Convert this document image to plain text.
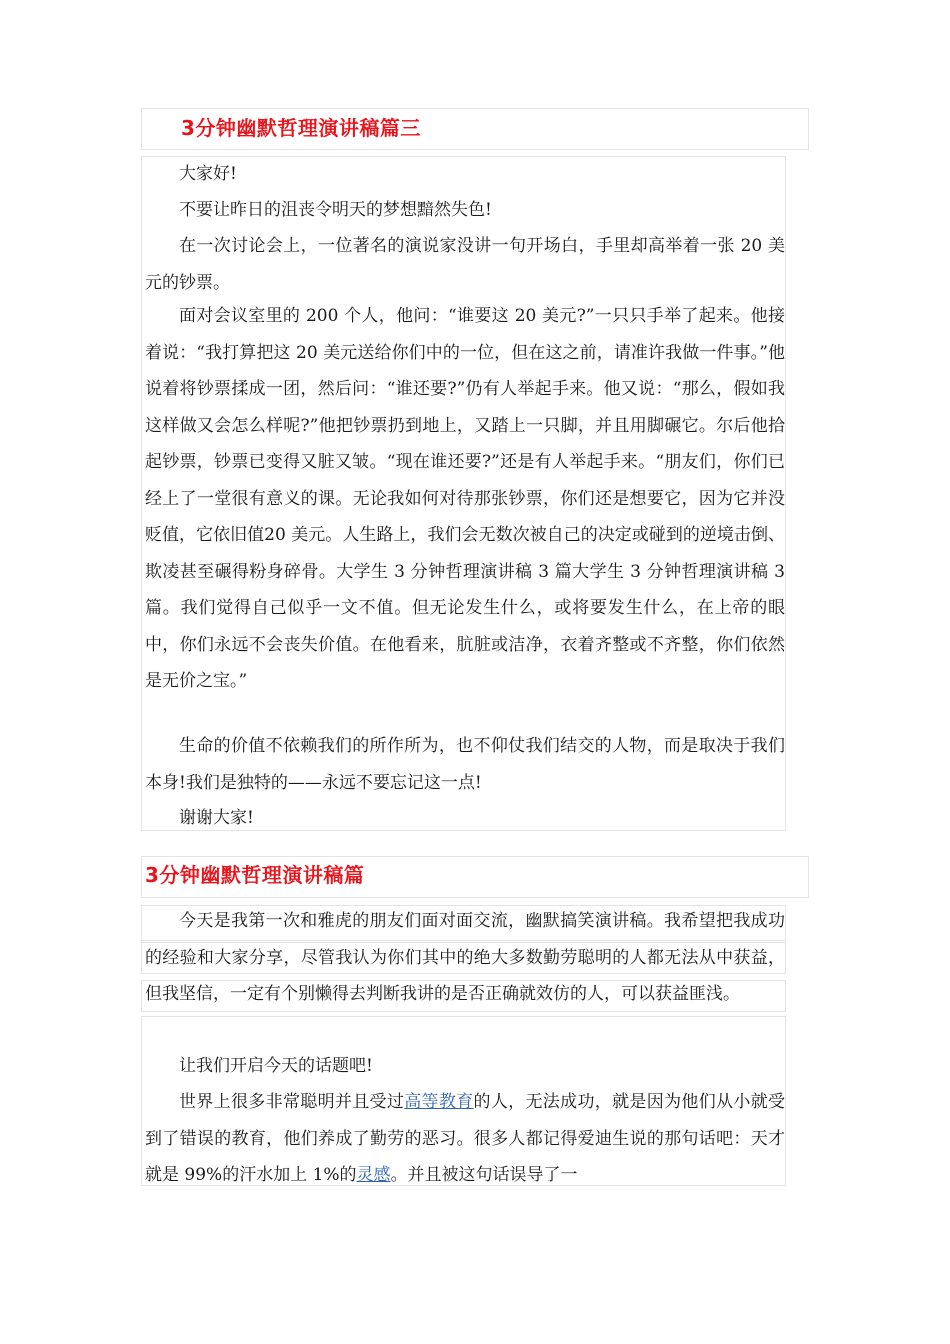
3分钟幽默哲理演讲稿篇三

大家好!

不要让昨日的沮丧令明天的梦想黯然失色!

在一次讨论会上，一位著名的演说家没讲一句开场白，手里却高举着一张 20 美元的钞票。

面对会议室里的 200 个人，他问：“谁要这 20 美元?”一只只手举了起来。他接着说：“我打算把这 20 美元送给你们中的一位，但在这之前，请准许我做一件事。”他说着将钞票揉成一团，然后问：“谁还要?”仍有人举起手来。他又说：“那么，假如我这样做又会怎么样呢?”他把钞票扔到地上，又踏上一只脚，并且用脚碾它。尔后他拾起钞票，钞票已变得又脏又皱。“现在谁还要?”还是有人举起手来。“朋友们，你们已经上了一堂很有意义的课。无论我如何对待那张钞票，你们还是想要它，因为它并没贬值，它依旧值20 美元。人生路上，我们会无数次被自己的决定或碰到的逆境击倒、欺凌甚至碾得粉身碎骨。大学生 3 分钟哲理演讲稿 3 篇大学生 3 分钟哲理演讲稿 3 篇。我们觉得自己似乎一文不值。但无论发生什么，或将要发生什么，在上帝的眼中，你们永远不会丧失价值。在他看来，肮脏或洁净，衣着齐整或不齐整，你们依然是无价之宝。”

生命的价值不依赖我们的所作所为，也不仰仗我们结交的人物，而是取决于我们本身!我们是独特的——永远不要忘记这一点!

谢谢大家!

3分钟幽默哲理演讲稿篇

今天是我第一次和雅虎的朋友们面对面交流，幽默搞笑演讲稿。我希望把我成功的经验和大家分享，尽管我认为你们其中的绝大多数勤劳聪明的人都无法从中获益，但我坚信，一定有个别懒得去判断我讲的是否正确就效仿的人，可以获益匪浅。

让我们开启今天的话题吧!

世界上很多非常聪明并且受过高等教育的人，无法成功，就是因为他们从小就受到了错误的教育，他们养成了勤劳的恶习。很多人都记得爱迪生说的那句话吧：天才就是 99%的汗水加上 1%的灵感。并且被这句话误导了一
